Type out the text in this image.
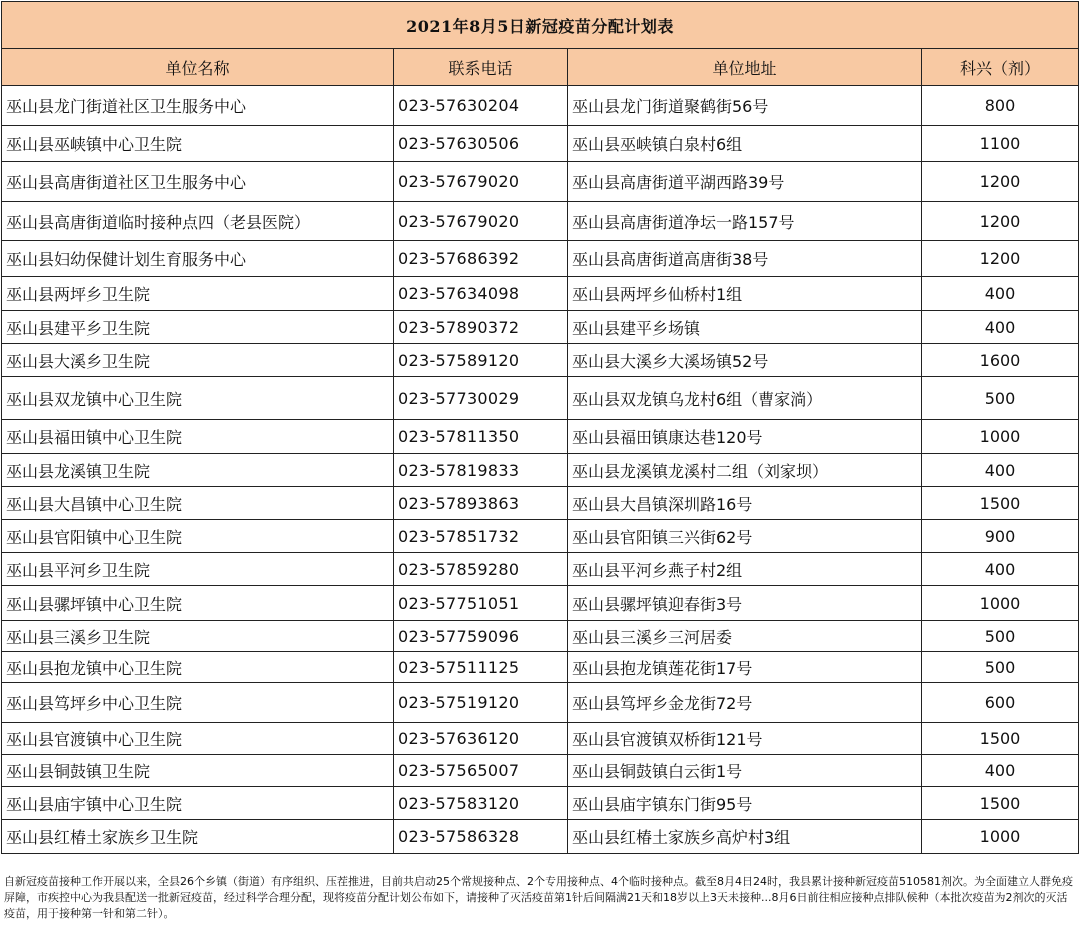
2021年8月5日新冠疫苗分配计划表			
单位名称	联系电话	单位地址	科兴（剂）
巫山县龙门街道社区卫生服务中心	023-57630204	巫山县龙门街道聚鹤街56号	800
巫山县巫峡镇中心卫生院	023-57630506	巫山县巫峡镇白泉村6组	1100
巫山县高唐街道社区卫生服务中心	023-57679020	巫山县高唐街道平湖西路39号	1200
巫山县高唐街道临时接种点四（老县医院）	023-57679020	巫山县高唐街道净坛一路157号	1200
巫山县妇幼保健计划生育服务中心	023-57686392	巫山县高唐街道高唐街38号	1200
巫山县两坪乡卫生院	023-57634098	巫山县两坪乡仙桥村1组	400
巫山县建平乡卫生院	023-57890372	巫山县建平乡场镇	400
巫山县大溪乡卫生院	023-57589120	巫山县大溪乡大溪场镇52号	1600
巫山县双龙镇中心卫生院	023-57730029	巫山县双龙镇乌龙村6组（曹家淌）	500
巫山县福田镇中心卫生院	023-57811350	巫山县福田镇康达巷120号	1000
巫山县龙溪镇卫生院	023-57819833	巫山县龙溪镇龙溪村二组（刘家坝）	400
巫山县大昌镇中心卫生院	023-57893863	巫山县大昌镇深圳路16号	1500
巫山县官阳镇中心卫生院	023-57851732	巫山县官阳镇三兴街62号	900
巫山县平河乡卫生院	023-57859280	巫山县平河乡燕子村2组	400
巫山县骡坪镇中心卫生院	023-57751051	巫山县骡坪镇迎春街3号	1000
巫山县三溪乡卫生院	023-57759096	巫山县三溪乡三河居委	500
巫山县抱龙镇中心卫生院	023-57511125	巫山县抱龙镇莲花街17号	500
巫山县笃坪乡中心卫生院	023-57519120	巫山县笃坪乡金龙街72号	600
巫山县官渡镇中心卫生院	023-57636120	巫山县官渡镇双桥街121号	1500
巫山县铜鼓镇卫生院	023-57565007	巫山县铜鼓镇白云街1号	400
巫山县庙宇镇中心卫生院	023-57583120	巫山县庙宇镇东门街95号	1500
巫山县红椿土家族乡卫生院	023-57586328	巫山县红椿土家族乡高炉村3组	1000
自新冠疫苗接种工作开展以来，全县26个乡镇（街道）有序组织、压茬推进，目前共启动25个常规接种点、2个专用接种点、4个临时接种点。截至8月4日24时，我县累计接种新冠疫苗510581剂次。为全面建立人群免疫屏障，市疾控中心为我县配送一批新冠疫苗，经过科学合理分配，现将疫苗分配计划公布如下，请接种了灭活疫苗第1针后间隔满21天和18岁以上3天未接种...8月6日前往相应接种点排队候种（本批次疫苗为2剂次的灭活疫苗，用于接种第一针和第二针）。
